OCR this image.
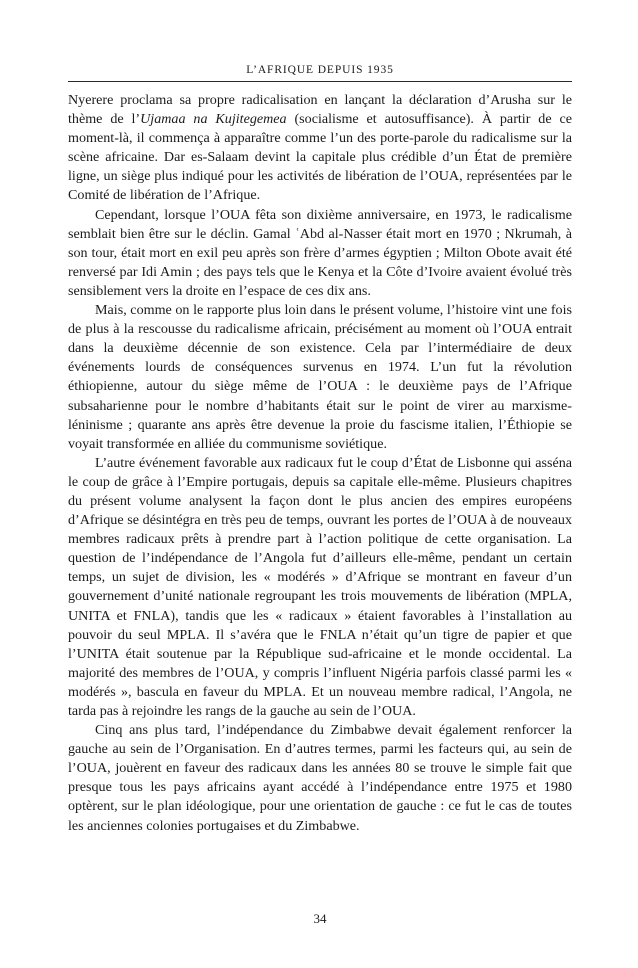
L’AFRIQUE DEPUIS 1935

Nyerere proclama sa propre radicalisation en lançant la déclaration d’Arusha sur le thème de l’Ujamaa na Kujitegemea (socialisme et autosuffisance). À partir de ce moment-là, il commença à apparaître comme l’un des porte-parole du radicalisme sur la scène africaine. Dar es-Salaam devint la capitale plus crédible d’un État de première ligne, un siège plus indiqué pour les activités de libération de l’OUA, représentées par le Comité de libération de l’Afrique.

Cependant, lorsque l’OUA fêta son dixième anniversaire, en 1973, le radicalisme semblait bien être sur le déclin. Gamal ʿAbd al-Nasser était mort en 1970 ; Nkrumah, à son tour, était mort en exil peu après son frère d’armes égyptien ; Milton Obote avait été renversé par Idi Amin ; des pays tels que le Kenya et la Côte d’Ivoire avaient évolué très sensiblement vers la droite en l’espace de ces dix ans.

Mais, comme on le rapporte plus loin dans le présent volume, l’histoire vint une fois de plus à la rescousse du radicalisme africain, précisément au moment où l’OUA entrait dans la deuxième décennie de son existence. Cela par l’intermédiaire de deux événements lourds de conséquences survenus en 1974. L’un fut la révolution éthiopienne, autour du siège même de l’OUA : le deuxième pays de l’Afrique subsaharienne pour le nombre d’habitants était sur le point de virer au marxisme-léninisme ; quarante ans après être devenue la proie du fascisme italien, l’Éthiopie se voyait transformée en alliée du communisme soviétique.

L’autre événement favorable aux radicaux fut le coup d’État de Lisbonne qui asséna le coup de grâce à l’Empire portugais, depuis sa capitale elle-même. Plusieurs chapitres du présent volume analysent la façon dont le plus ancien des empires européens d’Afrique se désintégra en très peu de temps, ouvrant les portes de l’OUA à de nouveaux membres radicaux prêts à prendre part à l’action politique de cette organisation. La question de l’indépendance de l’Angola fut d’ailleurs elle-même, pendant un certain temps, un sujet de division, les « modérés » d’Afrique se montrant en faveur d’un gouvernement d’unité nationale regroupant les trois mouvements de libération (MPLA, UNITA et FNLA), tandis que les « radicaux » étaient favorables à l’installation au pouvoir du seul MPLA. Il s’avéra que le FNLA n’était qu’un tigre de papier et que l’UNITA était soutenue par la République sud-africaine et le monde occidental. La majorité des membres de l’OUA, y compris l’influent Nigéria parfois classé parmi les « modérés », bascula en faveur du MPLA. Et un nouveau membre radical, l’Angola, ne tarda pas à rejoindre les rangs de la gauche au sein de l’OUA.

Cinq ans plus tard, l’indépendance du Zimbabwe devait également renforcer la gauche au sein de l’Organisation. En d’autres termes, parmi les facteurs qui, au sein de l’OUA, jouèrent en faveur des radicaux dans les années 80 se trouve le simple fait que presque tous les pays africains ayant accédé à l’indépendance entre 1975 et 1980 optèrent, sur le plan idéologique, pour une orientation de gauche : ce fut le cas de toutes les anciennes colonies portugaises et du Zimbabwe.

34
